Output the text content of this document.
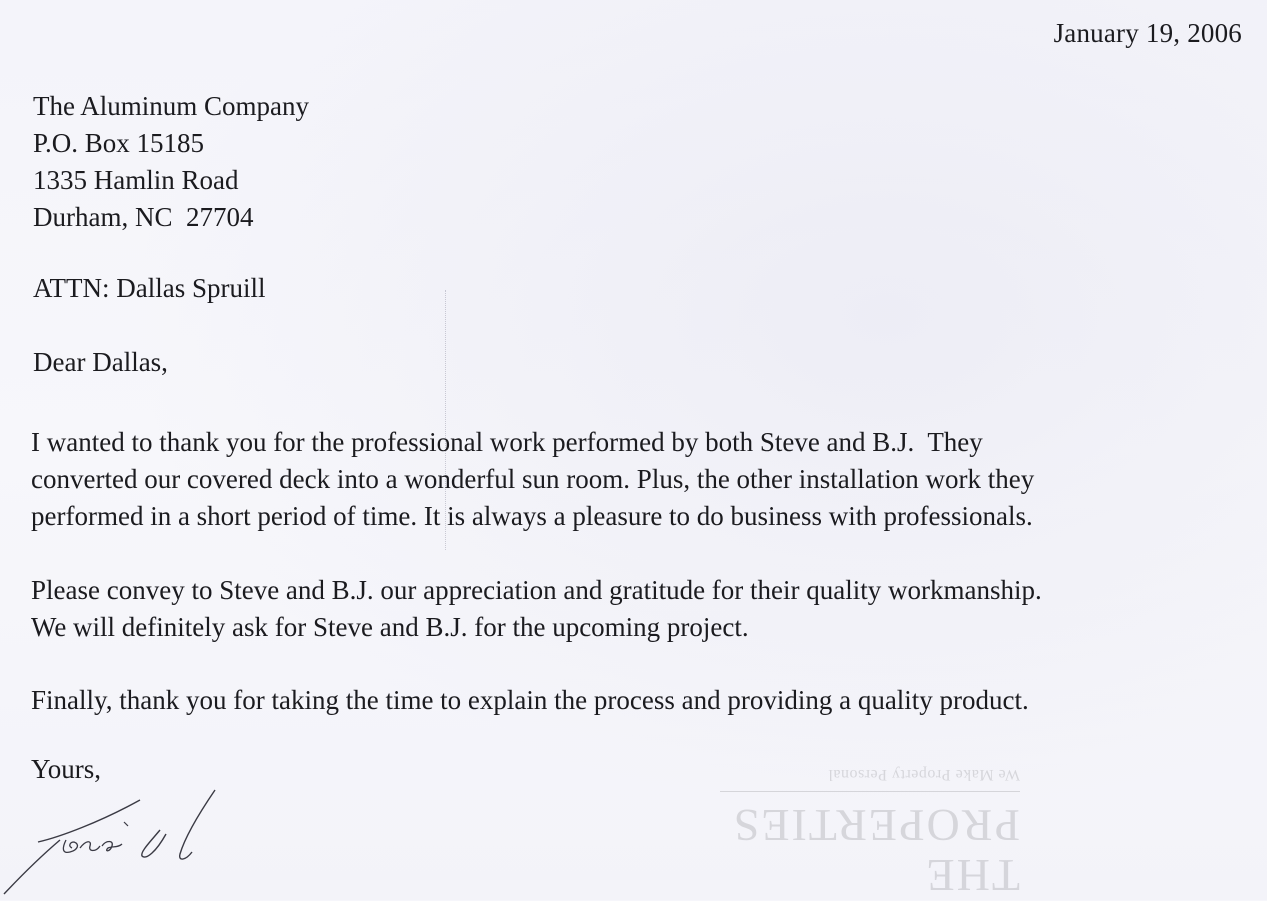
January 19, 2006
The Aluminum Company
P.O. Box 15185
1335 Hamlin Road
Durham, NC  27704
ATTN: Dallas Spruill
Dear Dallas,
I wanted to thank you for the professional work performed by both Steve and B.J.  They
converted our covered deck into a wonderful sun room. Plus, the other installation work they
performed in a short period of time. It is always a pleasure to do business with professionals.
Please convey to Steve and B.J. our appreciation and gratitude for their quality workmanship.
We will definitely ask for Steve and B.J. for the upcoming project.
Finally, thank you for taking the time to explain the process and providing a quality product.
Yours,
THE PROPERTIES
We Make Property Personal
